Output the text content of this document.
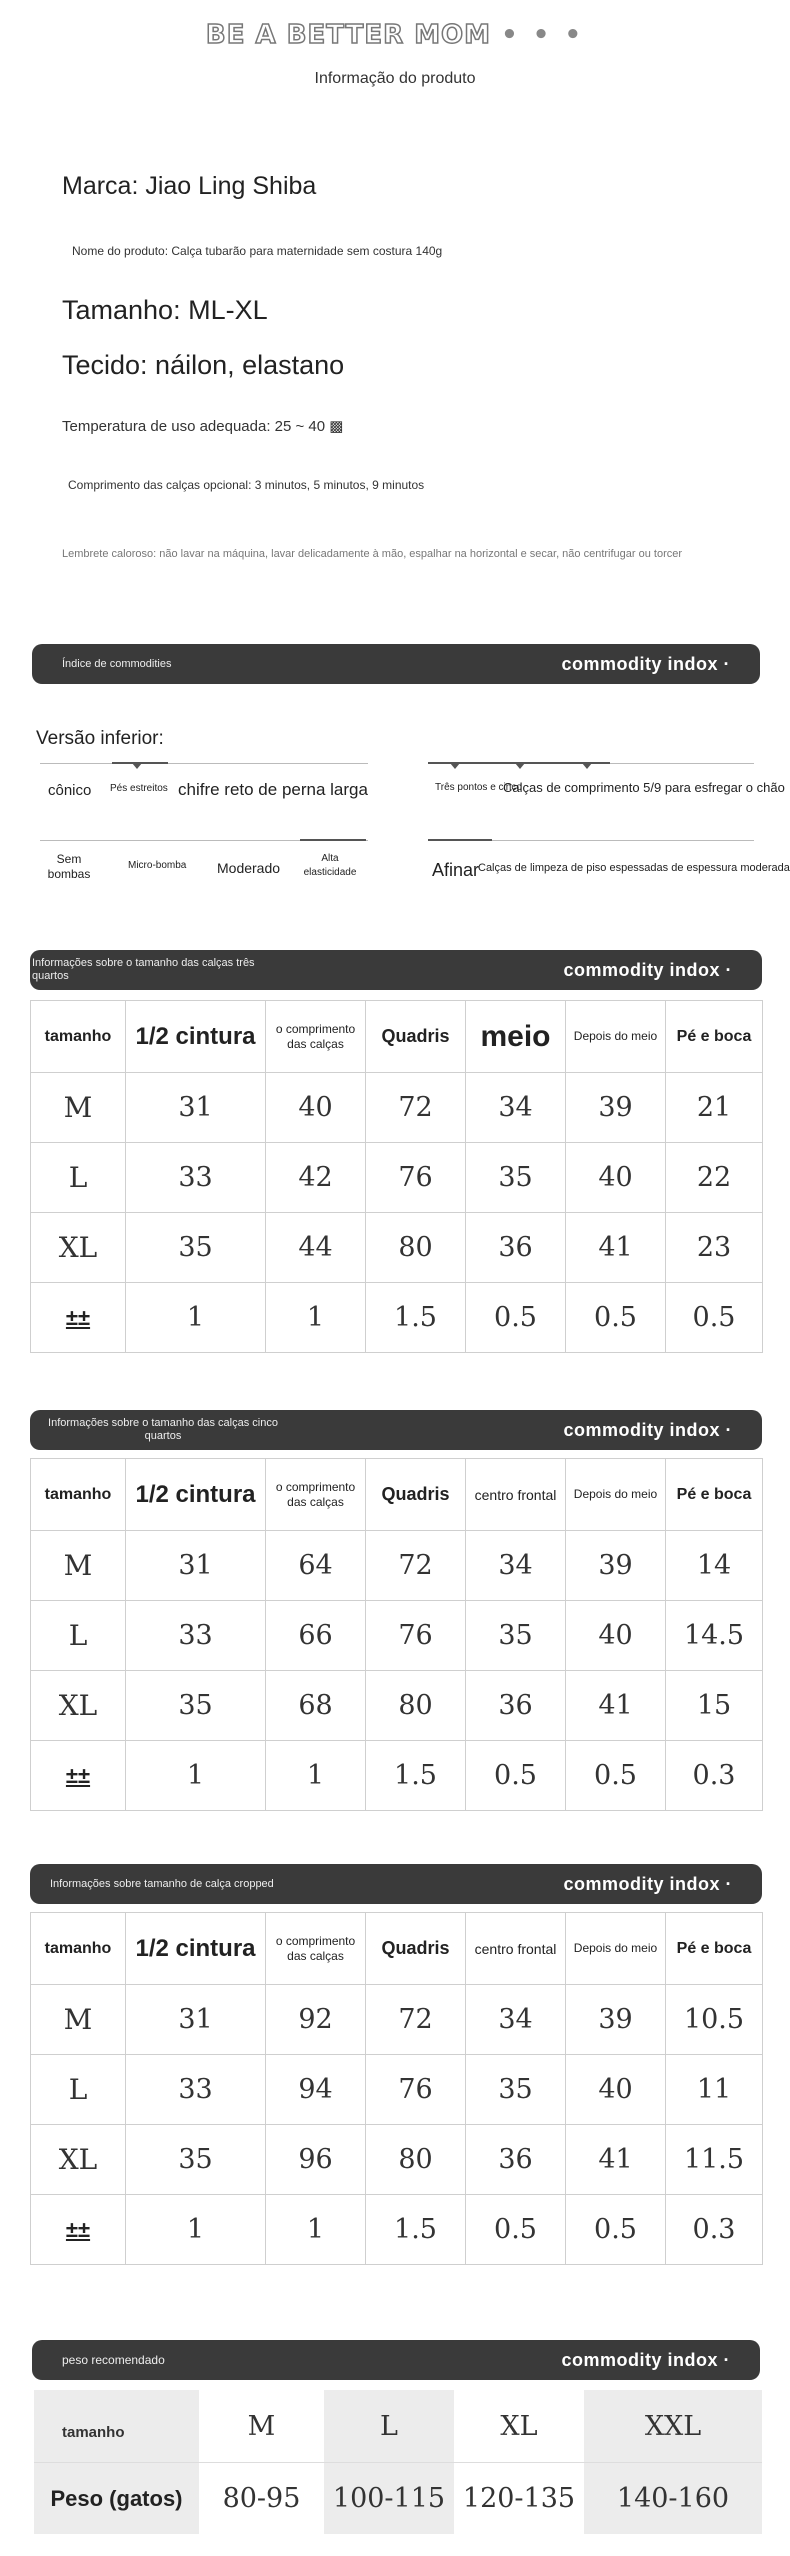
BE A BETTER MOM • • •
Informação do produto
Marca: Jiao Ling Shiba
Nome do produto: Calça tubarão para maternidade sem costura 140g
Tamanho: ML-XL
Tecido: náilon, elastano
Temperatura de uso adequada: 25 ~ 40 ▩
Comprimento das calças opcional: 3 minutos, 5 minutos, 9 minutos
Lembrete caloroso: não lavar na máquina, lavar delicadamente à mão, espalhar na horizontal e secar, não centrifugar ou torcer
Índice de commodities	commodity indox ·
Versão inferior:
cônico Pés estreitos chifre reto de perna larga	Três pontos e cinco
Calças de comprimento 5/9 para esfregar o chão
Sem bombas
Micro-bomba Moderado
Alta elasticidade	Afinar
Calças de limpeza de piso espessadas de espessura moderada
Informações sobre o tamanho das calças três quartos	commodity indox ·
tamanho	1/2 cintura	o comprimento das calças	Quadris	meio	Depois do meio	Pé e boca
M	31	40	72	34	39	21
L	33	42	76	35	40	22
XL	35	44	80	36	41	23
±±	1	1	1.5	0.5	0.5	0.5
Informações sobre o tamanho das calças cinco quartos	commodity indox ·
tamanho	1/2 cintura	o comprimento das calças	Quadris	centro frontal	Depois do meio	Pé e boca
M	31	64	72	34	39	14
L	33	66	76	35	40	14.5
XL	35	68	80	36	41	15
±±	1	1	1.5	0.5	0.5	0.3
Informações sobre tamanho de calça cropped	commodity indox ·
tamanho	1/2 cintura	o comprimento das calças	Quadris	centro frontal	Depois do meio	Pé e boca
M	31	92	72	34	39	10.5
L	33	94	76	35	40	11
XL	35	96	80	36	41	11.5
±±	1	1	1.5	0.5	0.5	0.3
peso recomendado	commodity indox ·
tamanho	M	L	XL	XXL
Peso (gatos)	80-95	100-115	120-135	140-160
